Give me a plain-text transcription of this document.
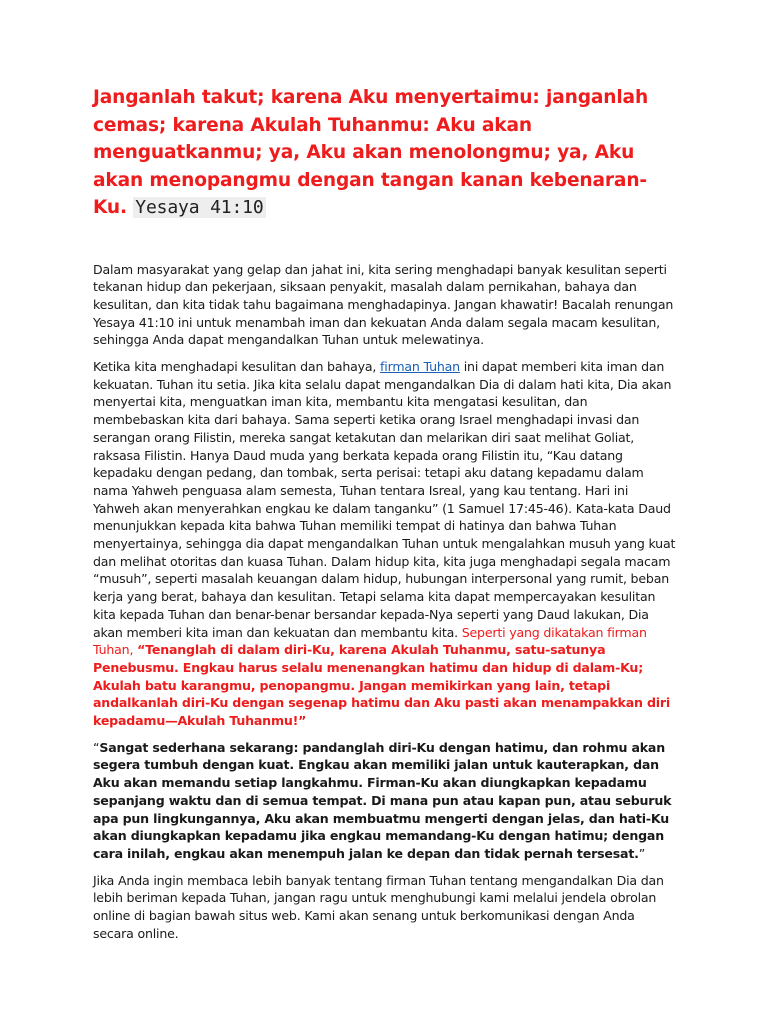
Janganlah takut; karena Aku menyertaimu: janganlah cemas; karena Akulah Tuhanmu: Aku akan menguatkanmu; ya, Aku akan menolongmu; ya, Aku akan menopangmu dengan tangan kanan kebenaran-Ku. Yesaya 41:10

Dalam masyarakat yang gelap dan jahat ini, kita sering menghadapi banyak kesulitan seperti tekanan hidup dan pekerjaan, siksaan penyakit, masalah dalam pernikahan, bahaya dan kesulitan, dan kita tidak tahu bagaimana menghadapinya. Jangan khawatir! Bacalah renungan Yesaya 41:10 ini untuk menambah iman dan kekuatan Anda dalam segala macam kesulitan, sehingga Anda dapat mengandalkan Tuhan untuk melewatinya.

Ketika kita menghadapi kesulitan dan bahaya, firman Tuhan ini dapat memberi kita iman dan kekuatan. Tuhan itu setia. Jika kita selalu dapat mengandalkan Dia di dalam hati kita, Dia akan menyertai kita, menguatkan iman kita, membantu kita mengatasi kesulitan, dan membebaskan kita dari bahaya. Sama seperti ketika orang Israel menghadapi invasi dan serangan orang Filistin, mereka sangat ketakutan dan melarikan diri saat melihat Goliat, raksasa Filistin. Hanya Daud muda yang berkata kepada orang Filistin itu, “Kau datang kepadaku dengan pedang, dan tombak, serta perisai: tetapi aku datang kepadamu dalam nama Yahweh penguasa alam semesta, Tuhan tentara Isreal, yang kau tentang. Hari ini Yahweh akan menyerahkan engkau ke dalam tanganku” (1 Samuel 17:45-46). Kata-kata Daud menunjukkan kepada kita bahwa Tuhan memiliki tempat di hatinya dan bahwa Tuhan menyertainya, sehingga dia dapat mengandalkan Tuhan untuk mengalahkan musuh yang kuat dan melihat otoritas dan kuasa Tuhan. Dalam hidup kita, kita juga menghadapi segala macam “musuh”, seperti masalah keuangan dalam hidup, hubungan interpersonal yang rumit, beban kerja yang berat, bahaya dan kesulitan. Tetapi selama kita dapat mempercayakan kesulitan kita kepada Tuhan dan benar-benar bersandar kepada-Nya seperti yang Daud lakukan, Dia akan memberi kita iman dan kekuatan dan membantu kita. Seperti yang dikatakan firman Tuhan, “Tenanglah di dalam diri-Ku, karena Akulah Tuhanmu, satu-satunya Penebusmu. Engkau harus selalu menenangkan hatimu dan hidup di dalam-Ku; Akulah batu karangmu, penopangmu. Jangan memikirkan yang lain, tetapi andalkanlah diri-Ku dengan segenap hatimu dan Aku pasti akan menampakkan diri kepadamu—Akulah Tuhanmu!”

“Sangat sederhana sekarang: pandanglah diri-Ku dengan hatimu, dan rohmu akan segera tumbuh dengan kuat. Engkau akan memiliki jalan untuk kauterapkan, dan Aku akan memandu setiap langkahmu. Firman-Ku akan diungkapkan kepadamu sepanjang waktu dan di semua tempat. Di mana pun atau kapan pun, atau seburuk apa pun lingkungannya, Aku akan membuatmu mengerti dengan jelas, dan hati-Ku akan diungkapkan kepadamu jika engkau memandang-Ku dengan hatimu; dengan cara inilah, engkau akan menempuh jalan ke depan dan tidak pernah tersesat.”

Jika Anda ingin membaca lebih banyak tentang firman Tuhan tentang mengandalkan Dia dan lebih beriman kepada Tuhan, jangan ragu untuk menghubungi kami melalui jendela obrolan online di bagian bawah situs web. Kami akan senang untuk berkomunikasi dengan Anda secara online.
